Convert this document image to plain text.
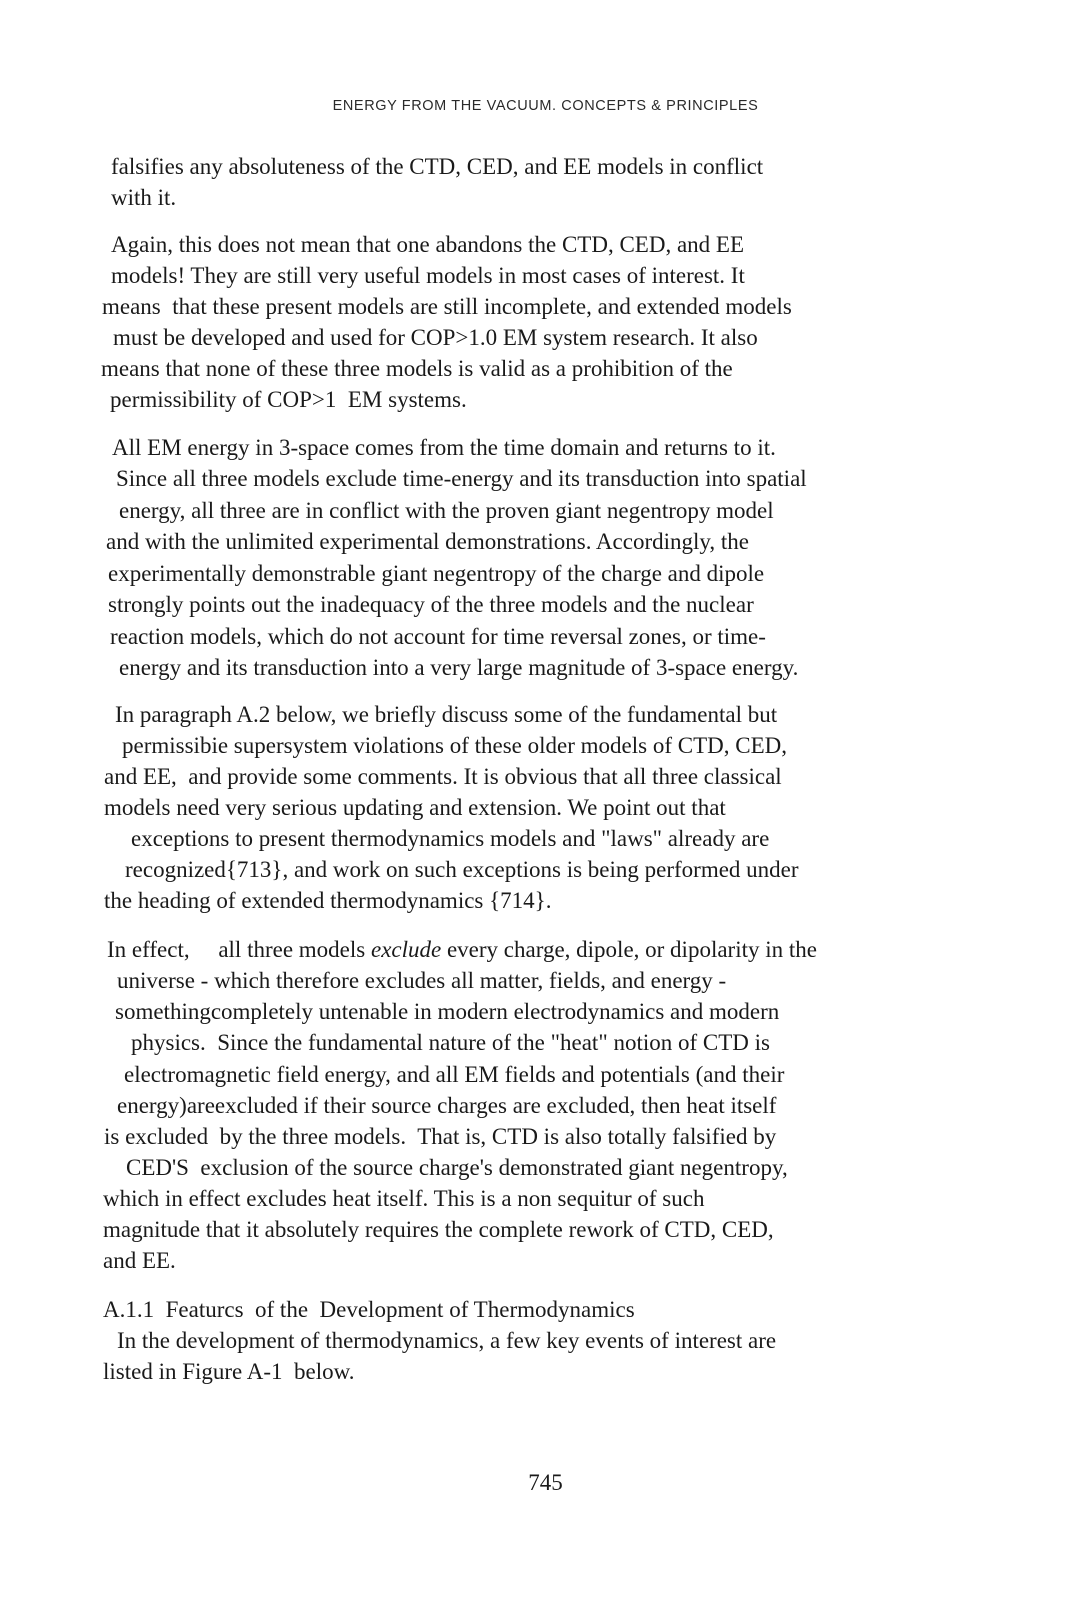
ENERGY FROM THE VACUUM. CONCEPTS & PRINCIPLES
falsifies any absoluteness of the CTD, CED, and EE models in conflict
with it.
Again, this does not mean that one abandons the CTD, CED, and EE
models! They are still very useful models in most cases of interest. It
means  that these present models are still incomplete, and extended models
must be developed and used for COP>1.0 EM system research. It also
means that none of these three models is valid as a prohibition of the
permissibility of COP>1  EM systems.
All EM energy in 3-space comes from the time domain and returns to it.
Since all three models exclude time-energy and its transduction into spatial
energy, all three are in conflict with the proven giant negentropy model
and with the unlimited experimental demonstrations. Accordingly, the
experimentally demonstrable giant negentropy of the charge and dipole
strongly points out the inadequacy of the three models and the nuclear
reaction models, which do not account for time reversal zones, or time-
energy and its transduction into a very large magnitude of 3-space energy.
In paragraph A.2 below, we briefly discuss some of the fundamental but
permissibie supersystem violations of these older models of CTD, CED,
and EE,  and provide some comments. It is obvious that all three classical
models need very serious updating and extension. We point out that
exceptions to present thermodynamics models and "laws" already are
recognized{713}, and work on such exceptions is being performed under
the heading of extended thermodynamics {714}.
In effect,     all three models exclude every charge, dipole, or dipolarity in the
universe - which therefore excludes all matter, fields, and energy -
somethingcompletely untenable in modern electrodynamics and modern
physics.  Since the fundamental nature of the "heat" notion of CTD is
electromagnetic field energy, and all EM fields and potentials (and their
energy)areexcluded if their source charges are excluded, then heat itself
is excluded  by the three models.  That is, CTD is also totally falsified by
CED'S  exclusion of the source charge's demonstrated giant negentropy,
which in effect excludes heat itself. This is a non sequitur of such
magnitude that it absolutely requires the complete rework of CTD, CED,
and EE.
A.1.1  Featurcs  of the  Development of Thermodynamics
In the development of thermodynamics, a few key events of interest are
listed in Figure A-1  below.
745
